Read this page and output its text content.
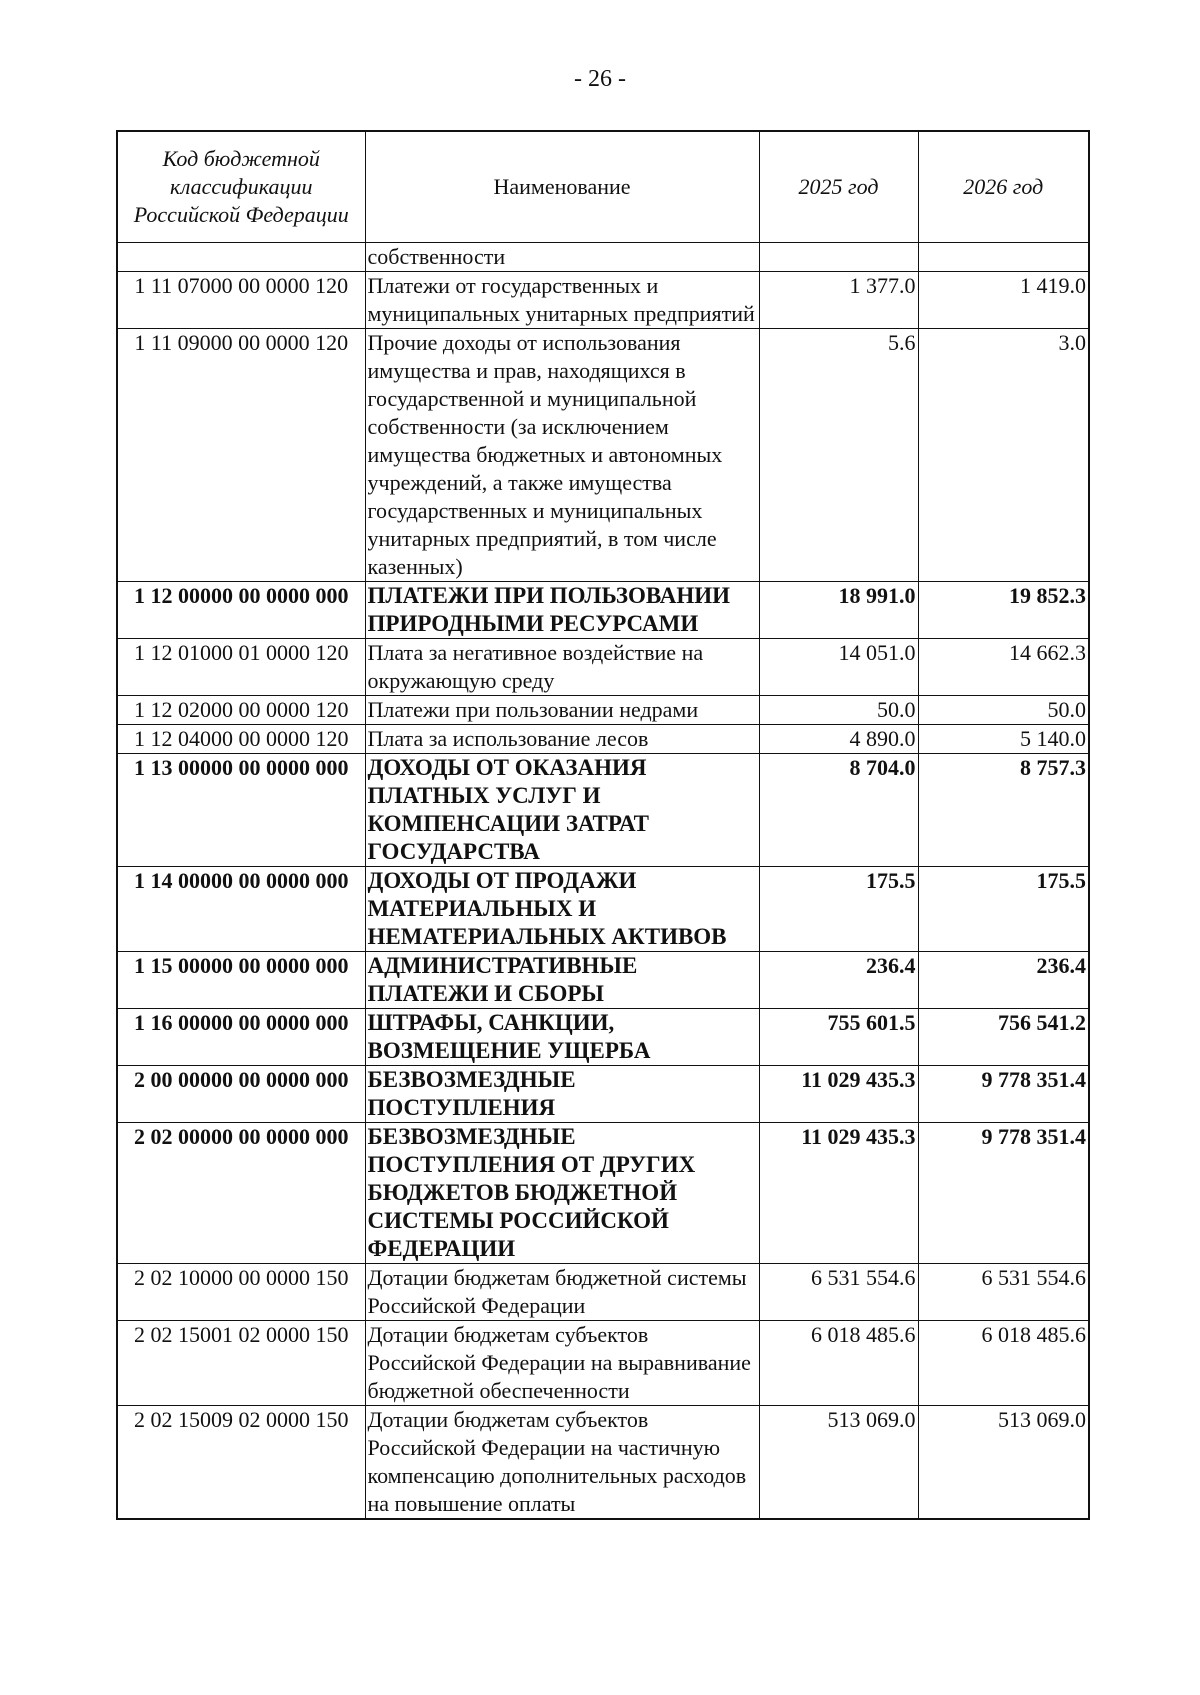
- 26 -
Код бюджетной классификации Российской Федерации	Наименование	2025 год	2026 год
	собственности		
1 11 07000 00 0000 120	Платежи от государственных и муниципальных унитарных предприятий	1 377.0	1 419.0
1 11 09000 00 0000 120	Прочие доходы от использования имущества и прав, находящихся в государственной и муниципальной собственности (за исключением имущества бюджетных и автономных учреждений, а также имущества государственных и муниципальных унитарных предприятий, в том числе казенных)	5.6	3.0
1 12 00000 00 0000 000	ПЛАТЕЖИ ПРИ ПОЛЬЗОВАНИИ ПРИРОДНЫМИ РЕСУРСАМИ	18 991.0	19 852.3
1 12 01000 01 0000 120	Плата за негативное воздействие на окружающую среду	14 051.0	14 662.3
1 12 02000 00 0000 120	Платежи при пользовании недрами	50.0	50.0
1 12 04000 00 0000 120	Плата за использование лесов	4 890.0	5 140.0
1 13 00000 00 0000 000	ДОХОДЫ ОТ ОКАЗАНИЯ ПЛАТНЫХ УСЛУГ И КОМПЕНСАЦИИ ЗАТРАТ ГОСУДАРСТВА	8 704.0	8 757.3
1 14 00000 00 0000 000	ДОХОДЫ ОТ ПРОДАЖИ МАТЕРИАЛЬНЫХ И НЕМАТЕРИАЛЬНЫХ АКТИВОВ	175.5	175.5
1 15 00000 00 0000 000	АДМИНИСТРАТИВНЫЕ ПЛАТЕЖИ И СБОРЫ	236.4	236.4
1 16 00000 00 0000 000	ШТРАФЫ, САНКЦИИ, ВОЗМЕЩЕНИЕ УЩЕРБА	755 601.5	756 541.2
2 00 00000 00 0000 000	БЕЗВОЗМЕЗДНЫЕ ПОСТУПЛЕНИЯ	11 029 435.3	9 778 351.4
2 02 00000 00 0000 000	БЕЗВОЗМЕЗДНЫЕ ПОСТУПЛЕНИЯ ОТ ДРУГИХ БЮДЖЕТОВ БЮДЖЕТНОЙ СИСТЕМЫ РОССИЙСКОЙ ФЕДЕРАЦИИ	11 029 435.3	9 778 351.4
2 02 10000 00 0000 150	Дотации бюджетам бюджетной системы Российской Федерации	6 531 554.6	6 531 554.6
2 02 15001 02 0000 150	Дотации бюджетам субъектов Российской Федерации на выравнивание бюджетной обеспеченности	6 018 485.6	6 018 485.6
2 02 15009 02 0000 150	Дотации бюджетам субъектов Российской Федерации на частичную компенсацию дополнительных расходов на повышение оплаты	513 069.0	513 069.0
